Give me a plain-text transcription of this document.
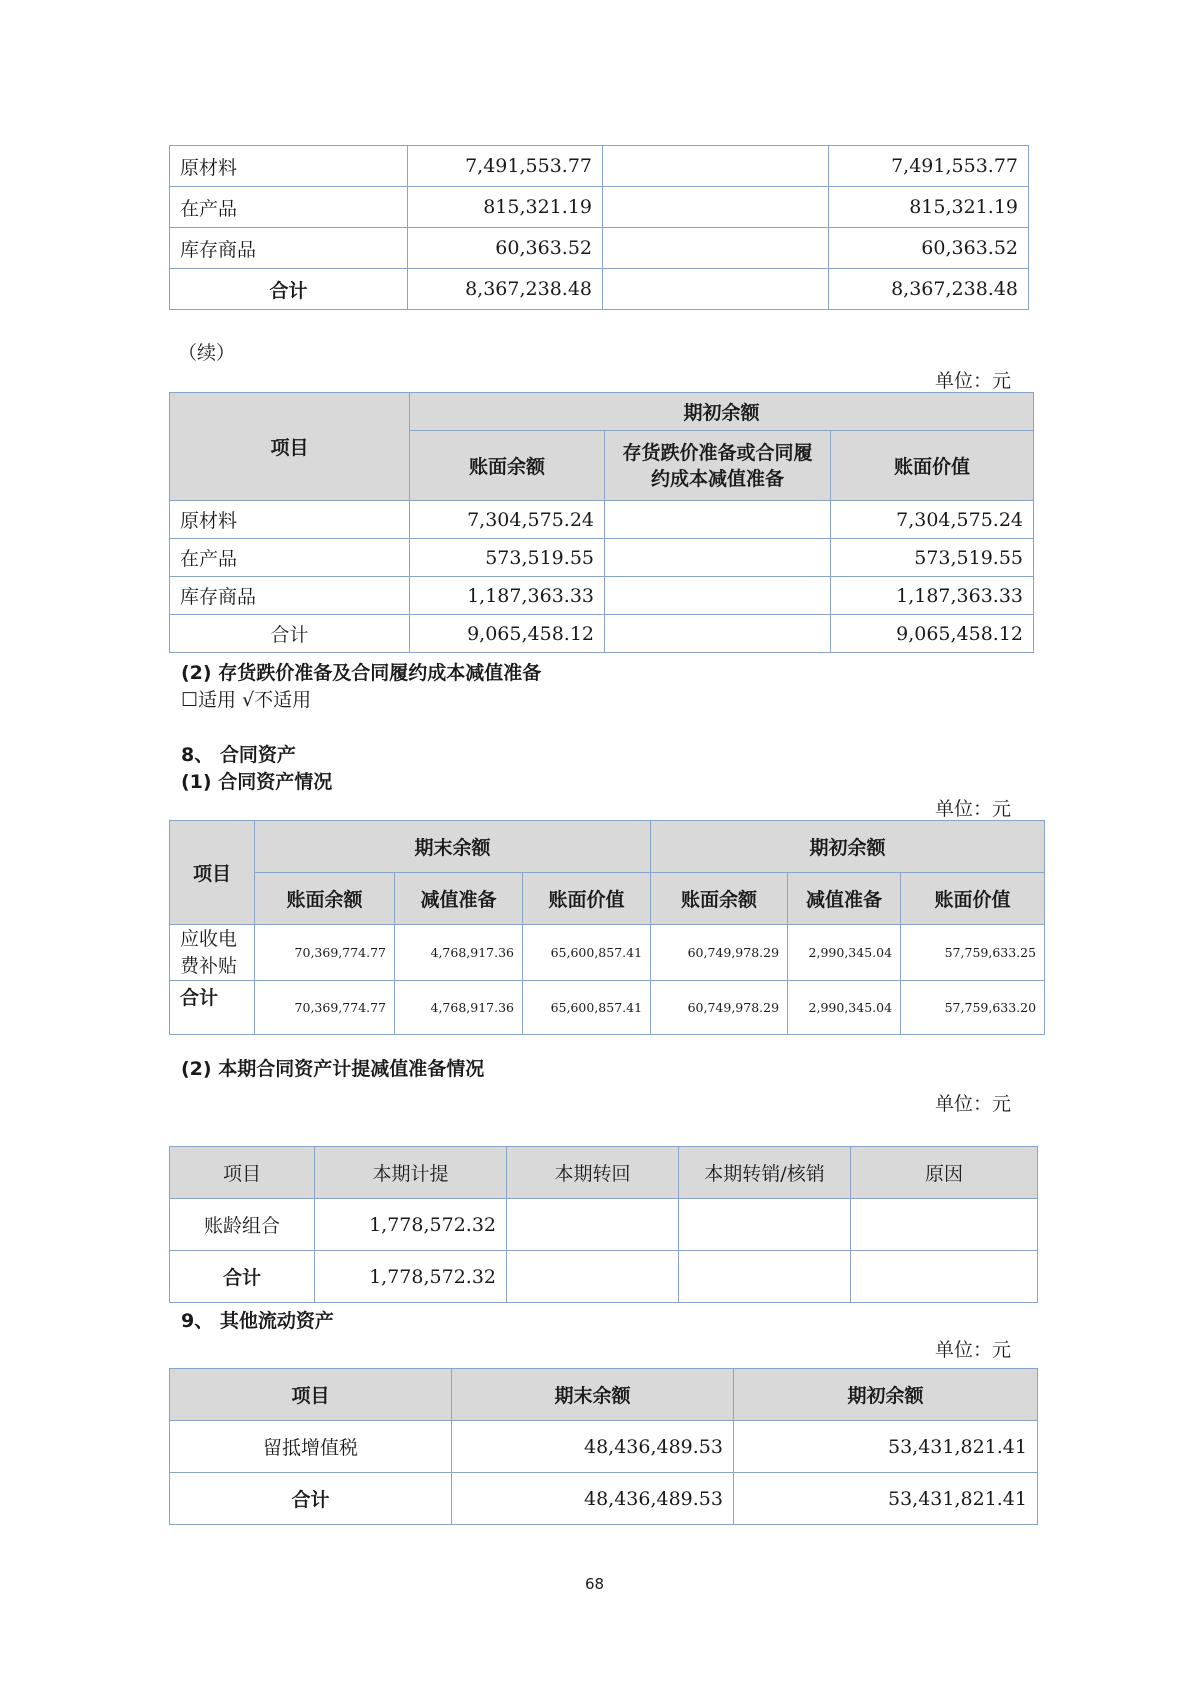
原材料	7,491,553.77		7,491,553.77
在产品	815,321.19		815,321.19
库存商品	60,363.52		60,363.52
合计	8,367,238.48		8,367,238.48
（续）
单位：元
项目	期初余额		
	账面余额	存货跌价准备或合同履约成本减值准备	账面价值
原材料	7,304,575.24		7,304,575.24
在产品	573,519.55		573,519.55
库存商品	1,187,363.33		1,187,363.33
合计	9,065,458.12		9,065,458.12
(2) 存货跌价准备及合同履约成本减值准备
☐适用 √不适用
8、 合同资产
(1) 合同资产情况
单位：元
项目	期末余额			期初余额		
	账面余额	减值准备	账面价值	账面余额	减值准备	账面价值
应收电费补贴	70,369,774.77	4,768,917.36	65,600,857.41	60,749,978.29	2,990,345.04	57,759,633.25
合计	70,369,774.77	4,768,917.36	65,600,857.41	60,749,978.29	2,990,345.04	57,759,633.20
(2) 本期合同资产计提减值准备情况
单位：元
项目	本期计提	本期转回	本期转销/核销	原因
账龄组合	1,778,572.32			
合计	1,778,572.32			
9、 其他流动资产
单位：元
项目	期末余额	期初余额
留抵增值税	48,436,489.53	53,431,821.41
合计	48,436,489.53	53,431,821.41
68
